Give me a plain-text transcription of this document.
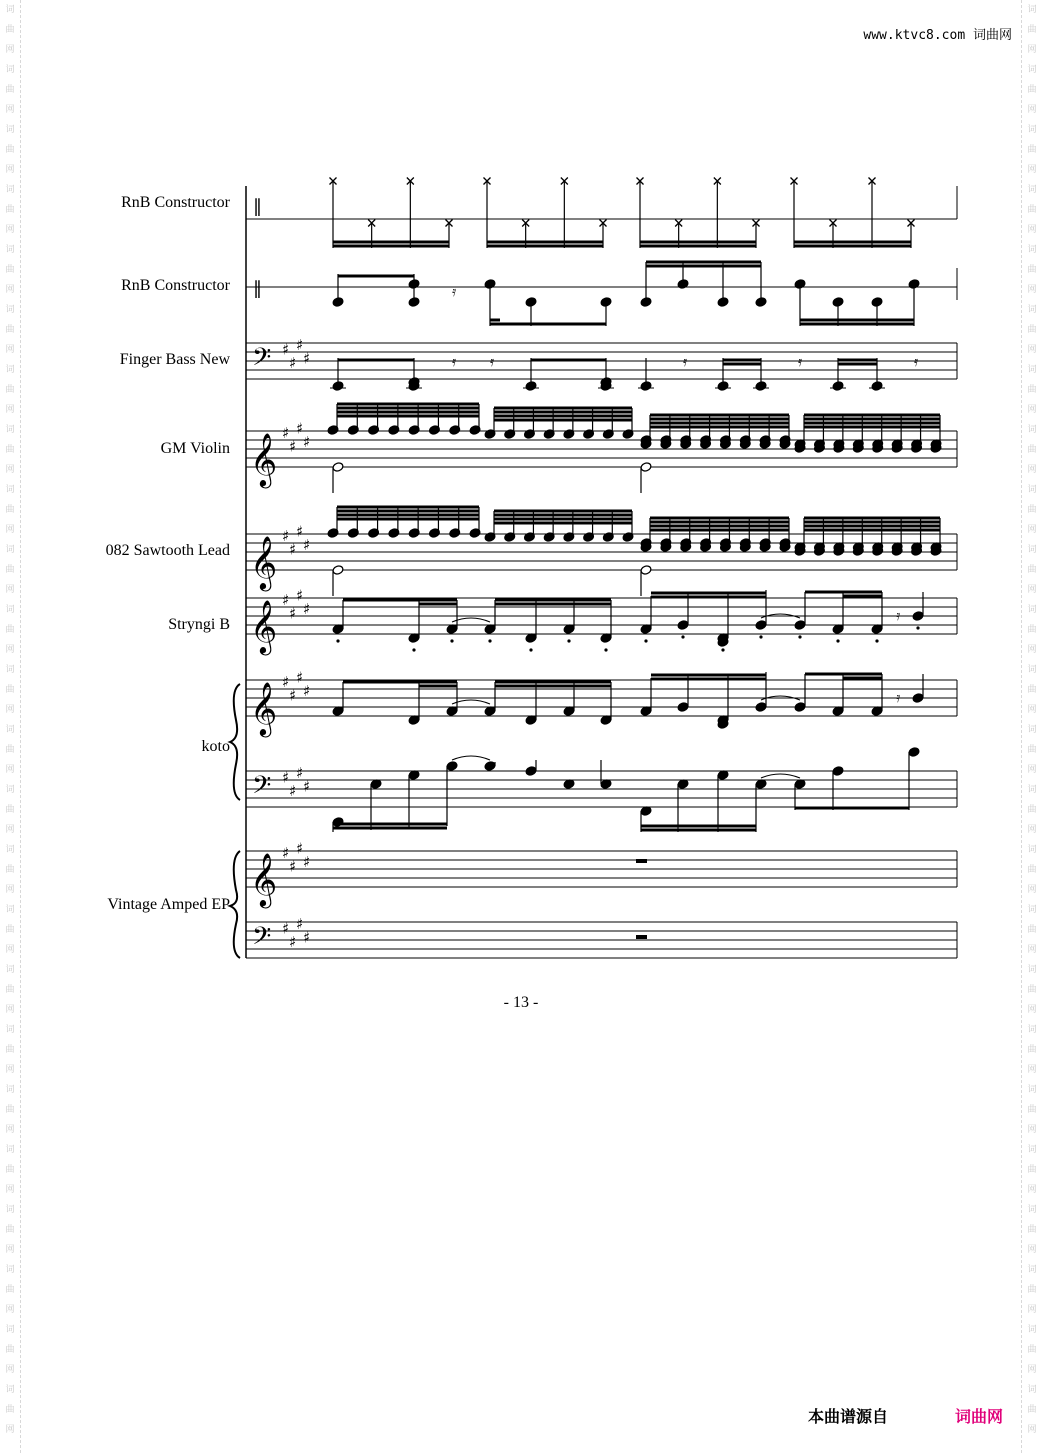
词
曲
网
词
曲
网
词
曲
网
词
曲
网
词
曲
网
词
曲
网
词
曲
网
词
曲
网
词
曲
网
词
曲
网
词
曲
网
词
曲
网
词
曲
网
词
曲
网
词
曲
网
词
曲
网
词
曲
网
词
曲
网
词
曲
网
词
曲
网
词
曲
网
词
曲
网
词
曲
网
词
曲
网
词
曲
网
词
曲
网
词
曲
网
词
曲
网
词
曲
网
词
曲
网
词
曲
网
词
曲
网
词
曲
网
词
曲
网
词
曲
网
词
曲
网
词
曲
网
词
曲
网
词
曲
网
词
曲
网
词
曲
网
词
曲
网
词
曲
网
词
曲
网
词
曲
网
词
曲
网
词
曲
网
词
曲
网
www.ktvc8.com 词曲网
RnB Constructor
RnB Constructor
Finger Bass New
GM Violin
082 Sawtooth Lead
Stryngi B
koto
Vintage Amped EP
‖
‖	𝄿
𝄢 ♯
♯
♯
♯	𝄿 𝄿	𝄿	𝄿	𝄿
𝄞 ♯
♯
♯
♯
𝄞 ♯
♯
♯
♯
𝄞 ♯
♯
♯
♯	𝄿
𝄞 ♯
♯
♯
♯	𝄿
𝄢 ♯
♯
♯
♯
𝄞 ♯
♯
♯
♯
𝄢 ♯
♯
♯
♯
- 13 -
本曲谱源自	词曲网
